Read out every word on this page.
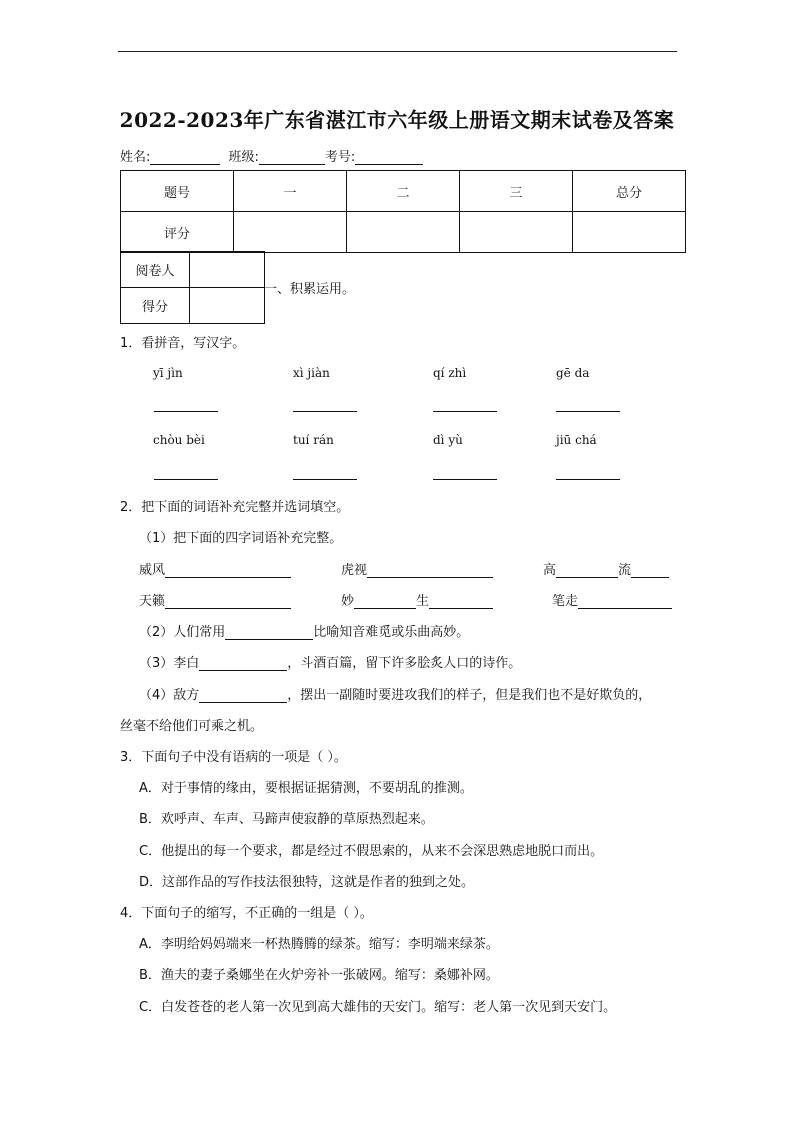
2022-2023年广东省湛江市六年级上册语文期末试卷及答案
姓名:	班级:	考号:
题号	一	二	三	总分
评分				
阅卷人	
得分	
一、积累运用。
1．看拼音，写汉字。
yī jìn	xì jiàn	qí zhì	gē da
chòu bèi	tuí rán	dì yù	jiū chá
2．把下面的词语补充完整并选词填空。
（1）把下面的四字词语补充完整。
威风	虎视	高	流
天籁	妙	生	笔走
（2）人们常用	比喻知音难觅或乐曲高妙。
（3）李白	，斗酒百篇，留下许多脍炙人口的诗作。
（4）敌方	，摆出一副随时要进攻我们的样子，但是我们也不是好欺负的，
丝毫不给他们可乘之机。
3．下面句子中没有语病的一项是（ ）。
A．对于事情的缘由，要根据证据猜测，不要胡乱的推测。
B．欢呼声、车声、马蹄声使寂静的草原热烈起来。
C．他提出的每一个要求，都是经过不假思索的，从来不会深思熟虑地脱口而出。
D．这部作品的写作技法很独特，这就是作者的独到之处。
4．下面句子的缩写，不正确的一组是（ ）。
A．李明给妈妈端来一杯热腾腾的绿茶。缩写：李明端来绿茶。
B．渔夫的妻子桑娜坐在火炉旁补一张破网。缩写：桑娜补网。
C．白发苍苍的老人第一次见到高大雄伟的天安门。缩写：老人第一次见到天安门。
